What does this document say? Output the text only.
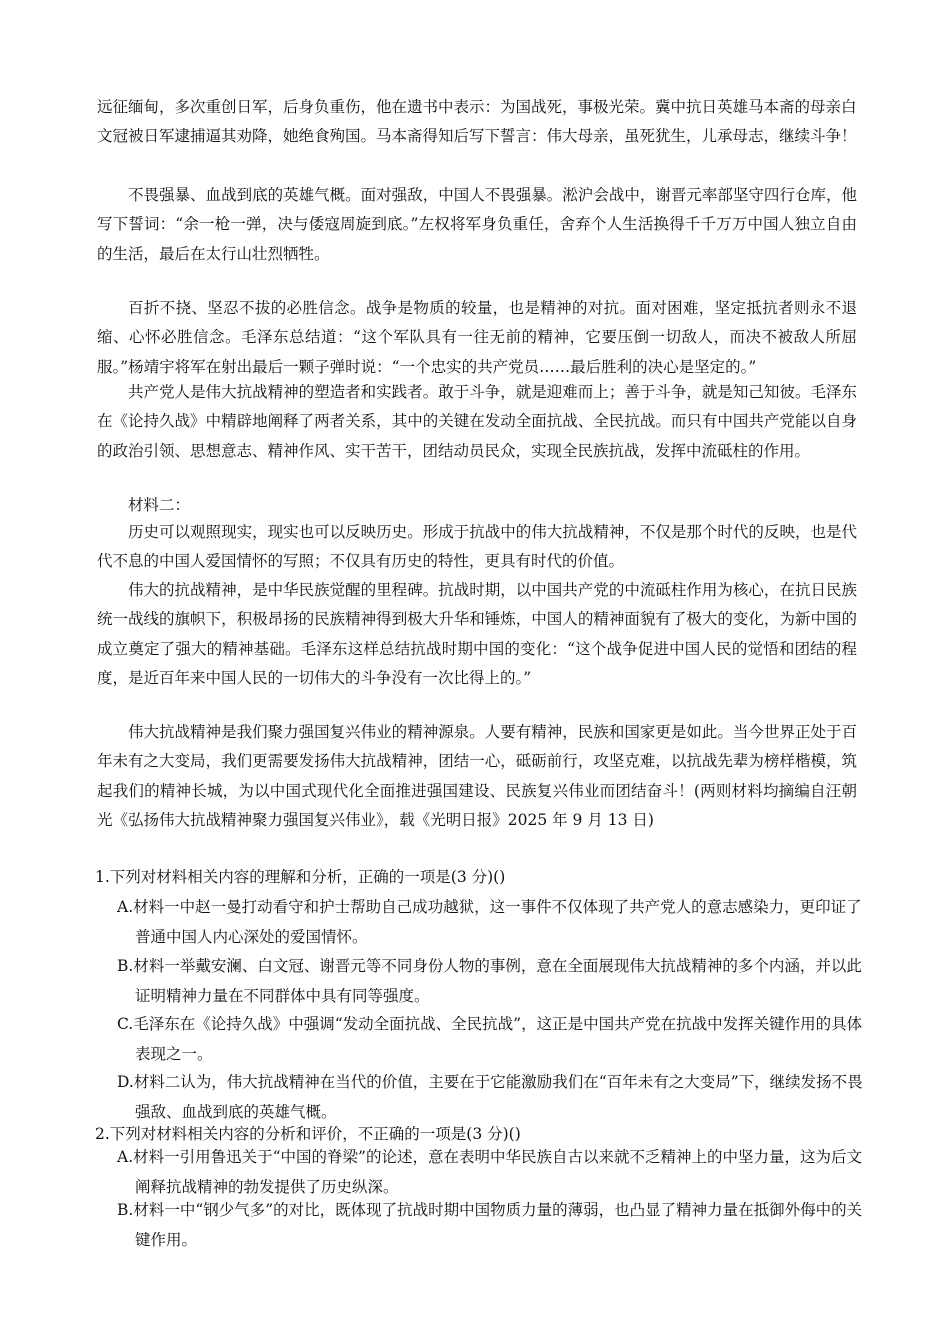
远征缅甸，多次重创日军，后身负重伤，他在遗书中表示：为国战死，事极光荣。冀中抗日英雄马本斋的母亲白文冠被日军逮捕逼其劝降，她绝食殉国。马本斋得知后写下誓言：伟大母亲，虽死犹生，儿承母志，继续斗争！

不畏强暴、血战到底的英雄气概。面对强敌，中国人不畏强暴。淞沪会战中，谢晋元率部坚守四行仓库，他写下誓词：“余一枪一弹，决与倭寇周旋到底。”左权将军身负重任，舍弃个人生活换得千千万万中国人独立自由的生活，最后在太行山壮烈牺牲。

百折不挠、坚忍不拔的必胜信念。战争是物质的较量，也是精神的对抗。面对困难，坚定抵抗者则永不退缩、心怀必胜信念。毛泽东总结道：“这个军队具有一往无前的精神，它要压倒一切敌人，而决不被敌人所屈服。”杨靖宇将军在射出最后一颗子弹时说：“一个忠实的共产党员……最后胜利的决心是坚定的。”

共产党人是伟大抗战精神的塑造者和实践者。敢于斗争，就是迎难而上；善于斗争，就是知己知彼。毛泽东在《论持久战》中精辟地阐释了两者关系，其中的关键在发动全面抗战、全民抗战。而只有中国共产党能以自身的政治引领、思想意志、精神作风、实干苦干，团结动员民众，实现全民族抗战，发挥中流砥柱的作用。

材料二：

历史可以观照现实，现实也可以反映历史。形成于抗战中的伟大抗战精神，不仅是那个时代的反映，也是代代不息的中国人爱国情怀的写照；不仅具有历史的特性，更具有时代的价值。

伟大的抗战精神，是中华民族觉醒的里程碑。抗战时期，以中国共产党的中流砥柱作用为核心，在抗日民族统一战线的旗帜下，积极昂扬的民族精神得到极大升华和锤炼，中国人的精神面貌有了极大的变化，为新中国的成立奠定了强大的精神基础。毛泽东这样总结抗战时期中国的变化：“这个战争促进中国人民的觉悟和团结的程度，是近百年来中国人民的一切伟大的斗争没有一次比得上的。”

伟大抗战精神是我们聚力强国复兴伟业的精神源泉。人要有精神，民族和国家更是如此。当今世界正处于百年未有之大变局，我们更需要发扬伟大抗战精神，团结一心，砥砺前行，攻坚克难，以抗战先辈为榜样楷模，筑起我们的精神长城，为以中国式现代化全面推进强国建设、民族复兴伟业而团结奋斗！(两则材料均摘编自汪朝光《弘扬伟大抗战精神聚力强国复兴伟业》，载《光明日报》2025 年 9 月 13 日)

1.下列对材料相关内容的理解和分析，正确的一项是(3 分)()

A.材料一中赵一曼打动看守和护士帮助自己成功越狱，这一事件不仅体现了共产党人的意志感染力，更印证了普通中国人内心深处的爱国情怀。

B.材料一举戴安澜、白文冠、谢晋元等不同身份人物的事例，意在全面展现伟大抗战精神的多个内涵，并以此证明精神力量在不同群体中具有同等强度。

C.毛泽东在《论持久战》中强调“发动全面抗战、全民抗战”，这正是中国共产党在抗战中发挥关键作用的具体表现之一。

D.材料二认为，伟大抗战精神在当代的价值，主要在于它能激励我们在“百年未有之大变局”下，继续发扬不畏强敌、血战到底的英雄气概。

2.下列对材料相关内容的分析和评价，不正确的一项是(3 分)()

A.材料一引用鲁迅关于“中国的脊梁”的论述，意在表明中华民族自古以来就不乏精神上的中坚力量，这为后文阐释抗战精神的勃发提供了历史纵深。

B.材料一中“钢少气多”的对比，既体现了抗战时期中国物质力量的薄弱，也凸显了精神力量在抵御外侮中的关键作用。
